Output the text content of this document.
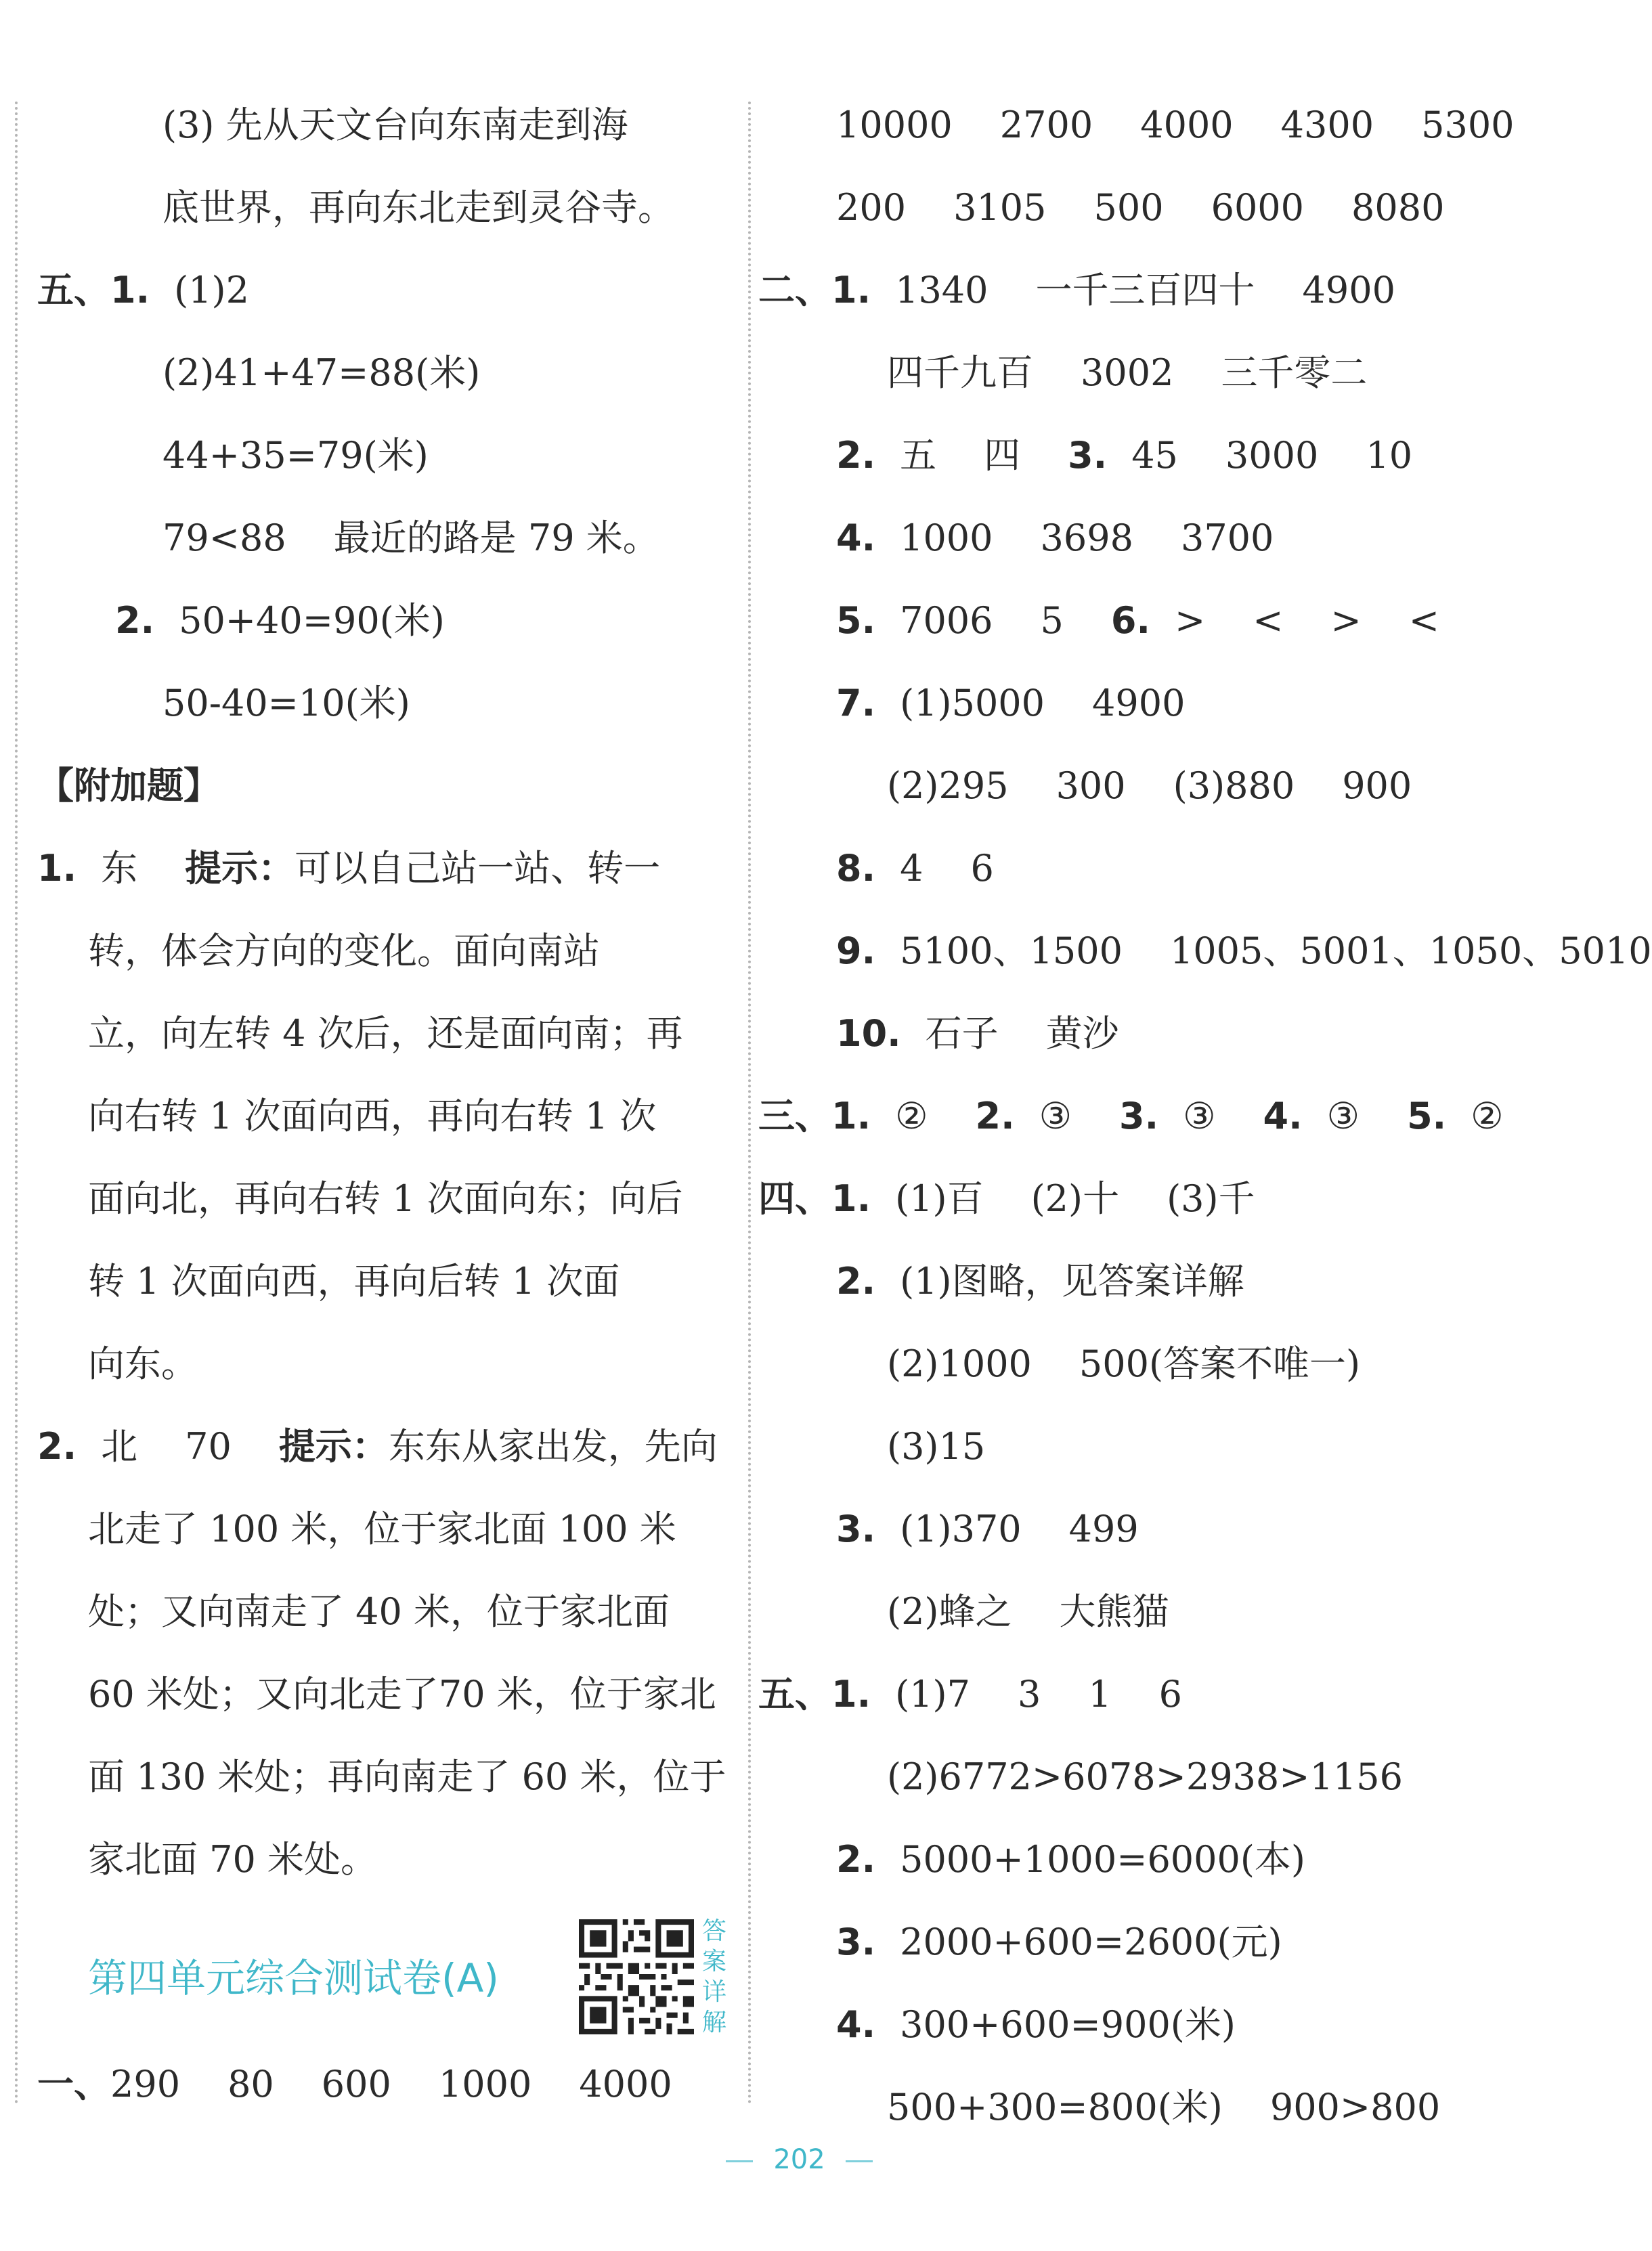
(3) 先从天文台向东南走到海
底世界，再向东北走到灵谷寺。
五、1. (1)2
(2)41+47=88(米)
44+35=79(米)
79<88 最近的路是 79 米。
2. 50+40=90(米)
50-40=10(米)
【附加题】
1. 东 提示：可以自己站一站、转一
转，体会方向的变化。面向南站
立，向左转 4 次后，还是面向南；再
向右转 1 次面向西，再向右转 1 次
面向北，再向右转 1 次面向东；向后
转 1 次面向西，再向后转 1 次面
向东。
2. 北 70 提示：东东从家出发，先向
北走了 100 米，位于家北面 100 米
处；又向南走了 40 米，位于家北面
60 米处；又向北走了70 米，位于家北
面 130 米处；再向南走了 60 米，位于
家北面 70 米处。
第四单元综合测试卷(A)
答案详解
一、290 80 600 1000 4000
10000 2700 4000 4300 5300
200 3105 500 6000 8080
二、1. 1340 一千三百四十 4900
四千九百 3002 三千零二
2. 五 四 3. 45 3000 10
4. 1000 3698 3700
5. 7006 5 6. > < > <
7. (1)5000 4900
(2)295 300 (3)880 900
8. 4 6
9. 5100、1500 1005、5001、1050、5010
10. 石子 黄沙
三、1. ② 2. ③ 3. ③ 4. ③ 5. ②
四、1. (1)百 (2)十 (3)千
2. (1)图略，见答案详解
(2)1000 500(答案不唯一)
(3)15
3. (1)370 499
(2)蜂之 大熊猫
五、1. (1)7 3 1 6
(2)6772>6078>2938>1156
2. 5000+1000=6000(本)
3. 2000+600=2600(元)
4. 300+600=900(米)
500+300=800(米) 900>800
202
